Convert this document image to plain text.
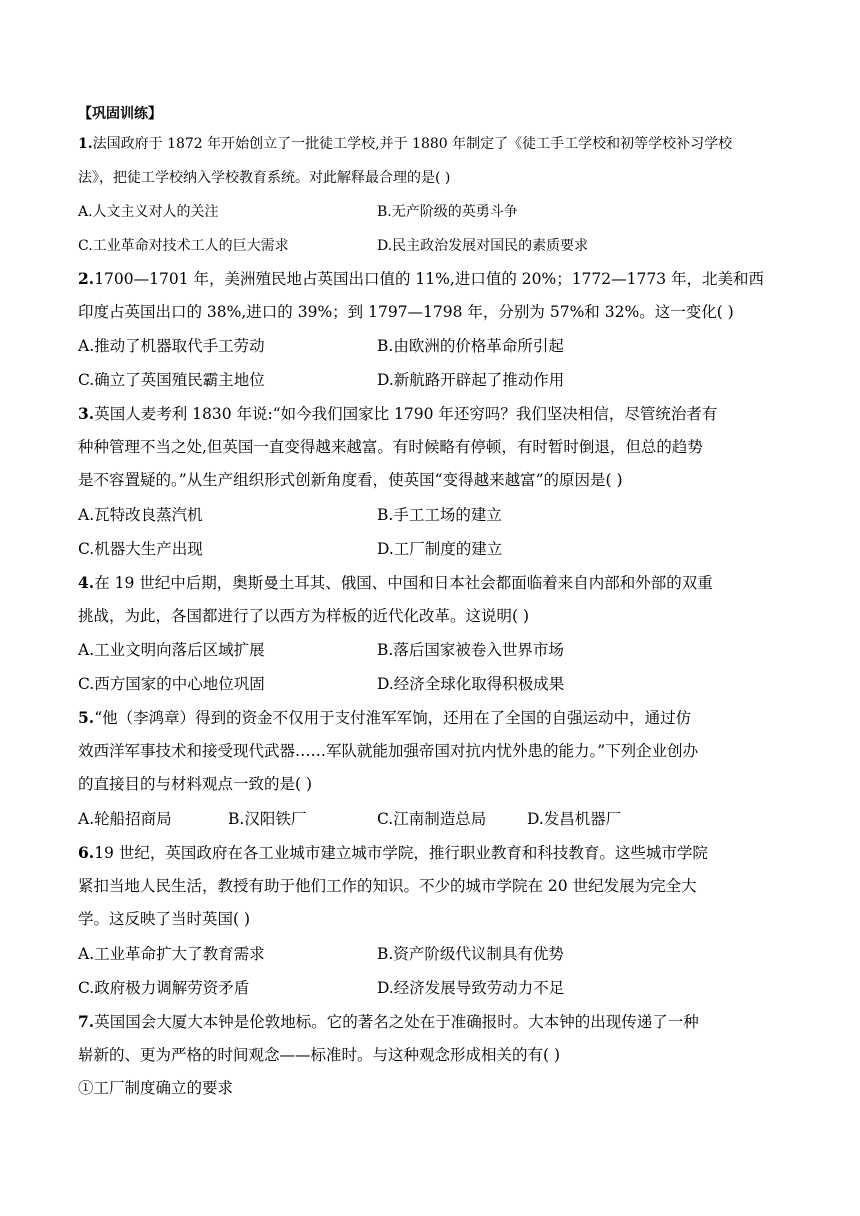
【巩固训练】
1.法国政府于 1872 年开始创立了一批徒工学校,并于 1880 年制定了《徒工手工学校和初等学校补习学校
法》，把徒工学校纳入学校教育系统。对此解释最合理的是( )
A.人文主义对人的关注	B.无产阶级的英勇斗争
C.工业革命对技术工人的巨大需求	D.民主政治发展对国民的素质要求
2.1700—1701 年，美洲殖民地占英国出口值的 11%,进口值的 20%；1772—1773 年，北美和西
印度占英国出口的 38%,进口的 39%；到 1797—1798 年，分别为 57%和 32%。这一变化( )
A.推动了机器取代手工劳动	B.由欧洲的价格革命所引起
C.确立了英国殖民霸主地位	D.新航路开辟起了推动作用
3.英国人麦考利 1830 年说:“如今我们国家比 1790 年还穷吗？我们坚决相信，尽管统治者有
种种管理不当之处,但英国一直变得越来越富。有时候略有停顿，有时暂时倒退，但总的趋势
是不容置疑的。”从生产组织形式创新角度看，使英国“变得越来越富”的原因是( )
A.瓦特改良蒸汽机	B.手工工场的建立
C.机器大生产出现	D.工厂制度的建立
4.在 19 世纪中后期，奥斯曼土耳其、俄国、中国和日本社会都面临着来自内部和外部的双重
挑战，为此，各国都进行了以西方为样板的近代化改革。这说明( )
A.工业文明向落后区域扩展	B.落后国家被卷入世界市场
C.西方国家的中心地位巩固	D.经济全球化取得积极成果
5.“他（李鸿章）得到的资金不仅用于支付淮军军饷，还用在了全国的自强运动中，通过仿
效西洋军事技术和接受现代武器……军队就能加强帝国对抗内忧外患的能力。”下列企业创办
的直接目的与材料观点一致的是( )
A.轮船招商局	B.汉阳铁厂	C.江南制造总局	D.发昌机器厂
6.19 世纪，英国政府在各工业城市建立城市学院，推行职业教育和科技教育。这些城市学院
紧扣当地人民生活，教授有助于他们工作的知识。不少的城市学院在 20 世纪发展为完全大
学。这反映了当时英国( )
A.工业革命扩大了教育需求	B.资产阶级代议制具有优势
C.政府极力调解劳资矛盾	D.经济发展导致劳动力不足
7.英国国会大厦大本钟是伦敦地标。它的著名之处在于准确报时。大本钟的出现传递了一种
崭新的、更为严格的时间观念——标准时。与这种观念形成相关的有( )
①工厂制度确立的要求
